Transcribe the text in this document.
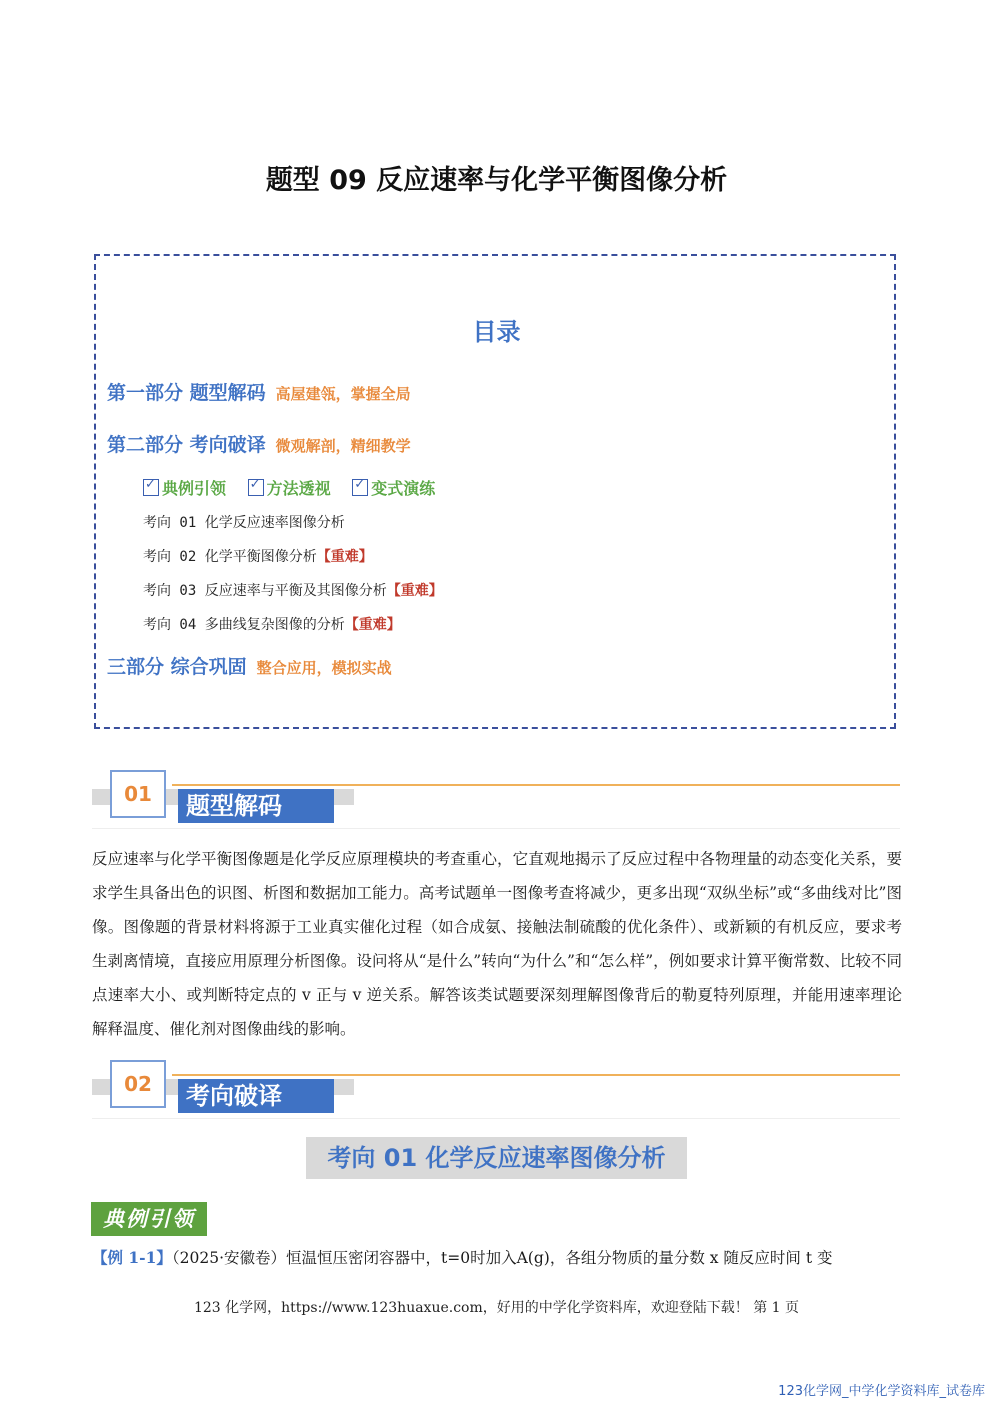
题型 09 反应速率与化学平衡图像分析
目录
第一部分 题型解码 高屋建瓴，掌握全局
第二部分 考向破译 微观解剖，精细教学
✓
典例引领
✓	方法透视
✓	变式演练
考向 01 化学反应速率图像分析
考向 02 化学平衡图像分析【重难】
考向 03 反应速率与平衡及其图像分析【重难】
考向 04 多曲线复杂图像的分析【重难】
三部分 综合巩固 整合应用，模拟实战
题型解码
01
反应速率与化学平衡图像题是化学反应原理模块的考查重心，它直观地揭示了反应过程中各物理量的动态变化关系，要求学生具备出色的识图、析图和数据加工能力。高考试题单一图像考查将减少，更多出现“双纵坐标”或“多曲线对比”图像。图像题的背景材料将源于工业真实催化过程（如合成氨、接触法制硫酸的优化条件）、或新颖的有机反应，要求考生剥离情境，直接应用原理分析图像。设问将从“是什么”转向“为什么”和“怎么样”，例如要求计算平衡常数、比较不同点速率大小、或判断特定点的 v 正与 v 逆关系。解答该类试题要深刻理解图像背后的勒夏特列原理，并能用速率理论解释温度、催化剂对图像曲线的影响。
考向破译
02
考向 01 化学反应速率图像分析
典例引领
【例 1-1】（2025·安徽卷）恒温恒压密闭容器中，t=0时加入A(g)，各组分物质的量分数 x 随反应时间 t 变
123 化学网，https://www.123huaxue.com，好用的中学化学资料库，欢迎登陆下载！ 第 1 页
123化学网_中学化学资料库_试卷库
